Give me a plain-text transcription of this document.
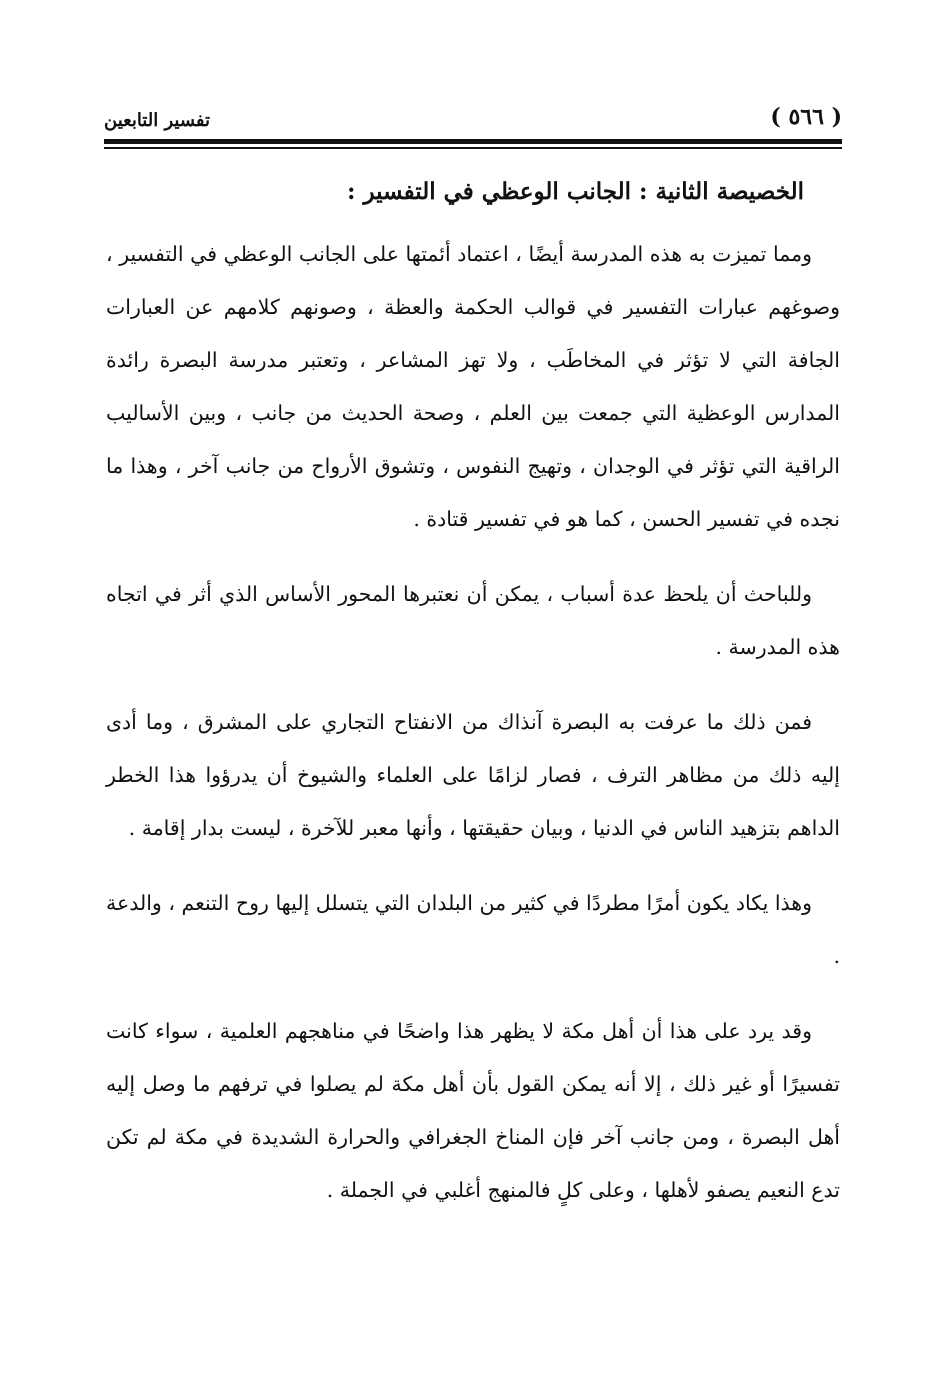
( ٥٦٦ )
تفسير التابعين
الخصيصة الثانية : الجانب الوعظي في التفسير :

ومما تميزت به هذه المدرسة أيضًا ، اعتماد أئمتها على الجانب الوعظي في التفسير ، وصوغهم عبارات التفسير في قوالب الحكمة والعظة ، وصونهم كلامهم عن العبارات الجافة التي لا تؤثر في المخاطَب ، ولا تهز المشاعر ، وتعتبر مدرسة البصرة رائدة المدارس الوعظية التي جمعت بين العلم ، وصحة الحديث من جانب ، وبين الأساليب الراقية التي تؤثر في الوجدان ، وتهيج النفوس ، وتشوق الأرواح من جانب آخر ، وهذا ما نجده في تفسير الحسن ، كما هو في تفسير قتادة .

وللباحث أن يلحظ عدة أسباب ، يمكن أن نعتبرها المحور الأساس الذي أثر في اتجاه هذه المدرسة .

فمن ذلك ما عرفت به البصرة آنذاك من الانفتاح التجاري على المشرق ، وما أدى إليه ذلك من مظاهر الترف ، فصار لزامًا على العلماء والشيوخ أن يدرؤوا هذا الخطر الداهم بتزهيد الناس في الدنيا ، وبيان حقيقتها ، وأنها معبر للآخرة ، ليست بدار إقامة .

وهذا يكاد يكون أمرًا مطردًا في كثير من البلدان التي يتسلل إليها روح التنعم ، والدعة .

وقد يرد على هذا أن أهل مكة لا يظهر هذا واضحًا في مناهجهم العلمية ، سواء كانت تفسيرًا أو غير ذلك ، إلا أنه يمكن القول بأن أهل مكة لم يصلوا في ترفهم ما وصل إليه أهل البصرة ، ومن جانب آخر فإن المناخ الجغرافي والحرارة الشديدة في مكة لم تكن تدع النعيم يصفو لأهلها ، وعلى كلٍ فالمنهج أغلبي في الجملة .
